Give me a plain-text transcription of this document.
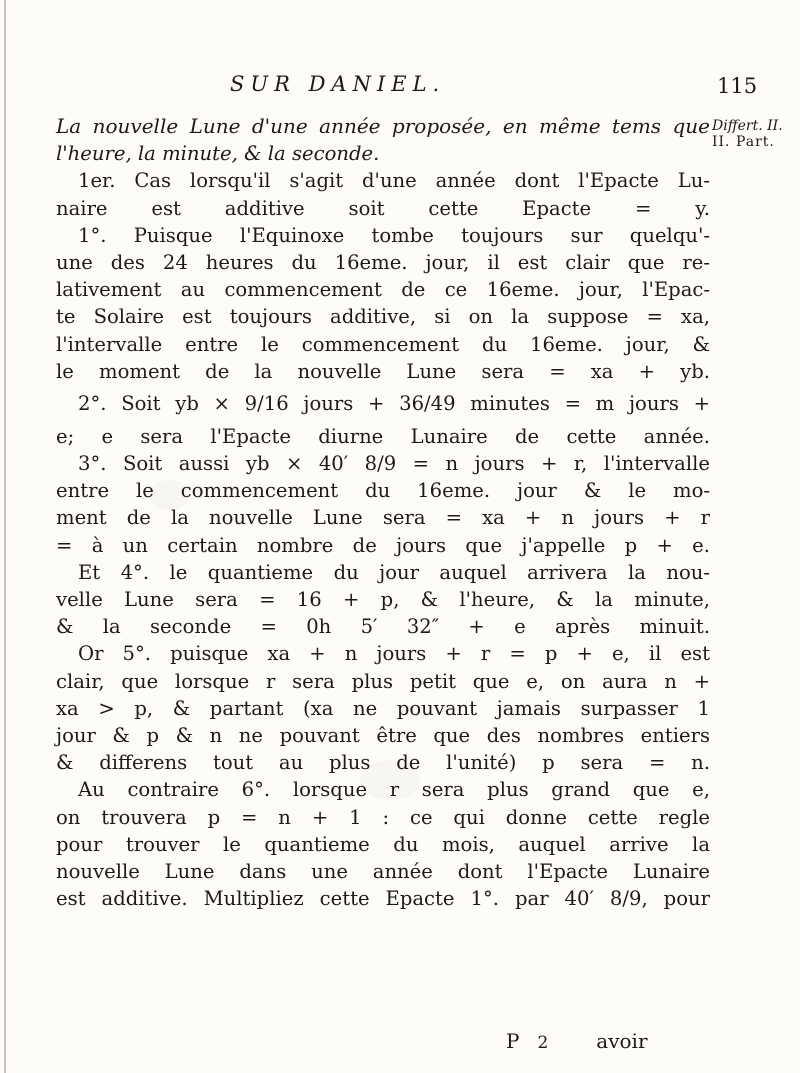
SUR DANIEL.	115
Differt. II.
II. Part.
La nouvelle Lune d'une année proposée, en même tems que
l'heure, la minute, & la seconde.
1er. Cas lorsqu'il s'agit d'une année dont l'Epacte Lu-
naire est additive soit cette Epacte = y.
1°. Puisque l'Equinoxe tombe toujours sur quelqu'-
une des 24 heures du 16eme. jour, il est clair que re-
lativement au commencement de ce 16eme. jour, l'Epac-
te Solaire est toujours additive, si on la suppose = xa,
l'intervalle entre le commencement du 16eme. jour, &
le moment de la nouvelle Lune sera = xa + yb.
2°. Soit yb × 9/16 jours + 36/49 minutes = m jours +
e; e sera l'Epacte diurne Lunaire de cette année.
3°. Soit aussi yb × 40′ 8/9 = n jours + r, l'intervalle
entre le commencement du 16eme. jour & le mo-
ment de la nouvelle Lune sera = xa + n jours + r
= à un certain nombre de jours que j'appelle p + e.
Et 4°. le quantieme du jour auquel arrivera la nou-
velle Lune sera = 16 + p, & l'heure, & la minute,
& la seconde = 0h 5′ 32″ + e après minuit.
Or 5°. puisque xa + n jours + r = p + e, il est
clair, que lorsque r sera plus petit que e, on aura n +
xa > p, & partant (xa ne pouvant jamais surpasser 1
jour & p & n ne pouvant être que des nombres entiers
& differens tout au plus de l'unité) p sera = n.
Au contraire 6°. lorsque r sera plus grand que e,
on trouvera p = n + 1 : ce qui donne cette regle
pour trouver le quantieme du mois, auquel arrive la
nouvelle Lune dans une année dont l'Epacte Lunaire
est additive. Multipliez cette Epacte 1°. par 40′ 8/9, pour
P 2 avoir
